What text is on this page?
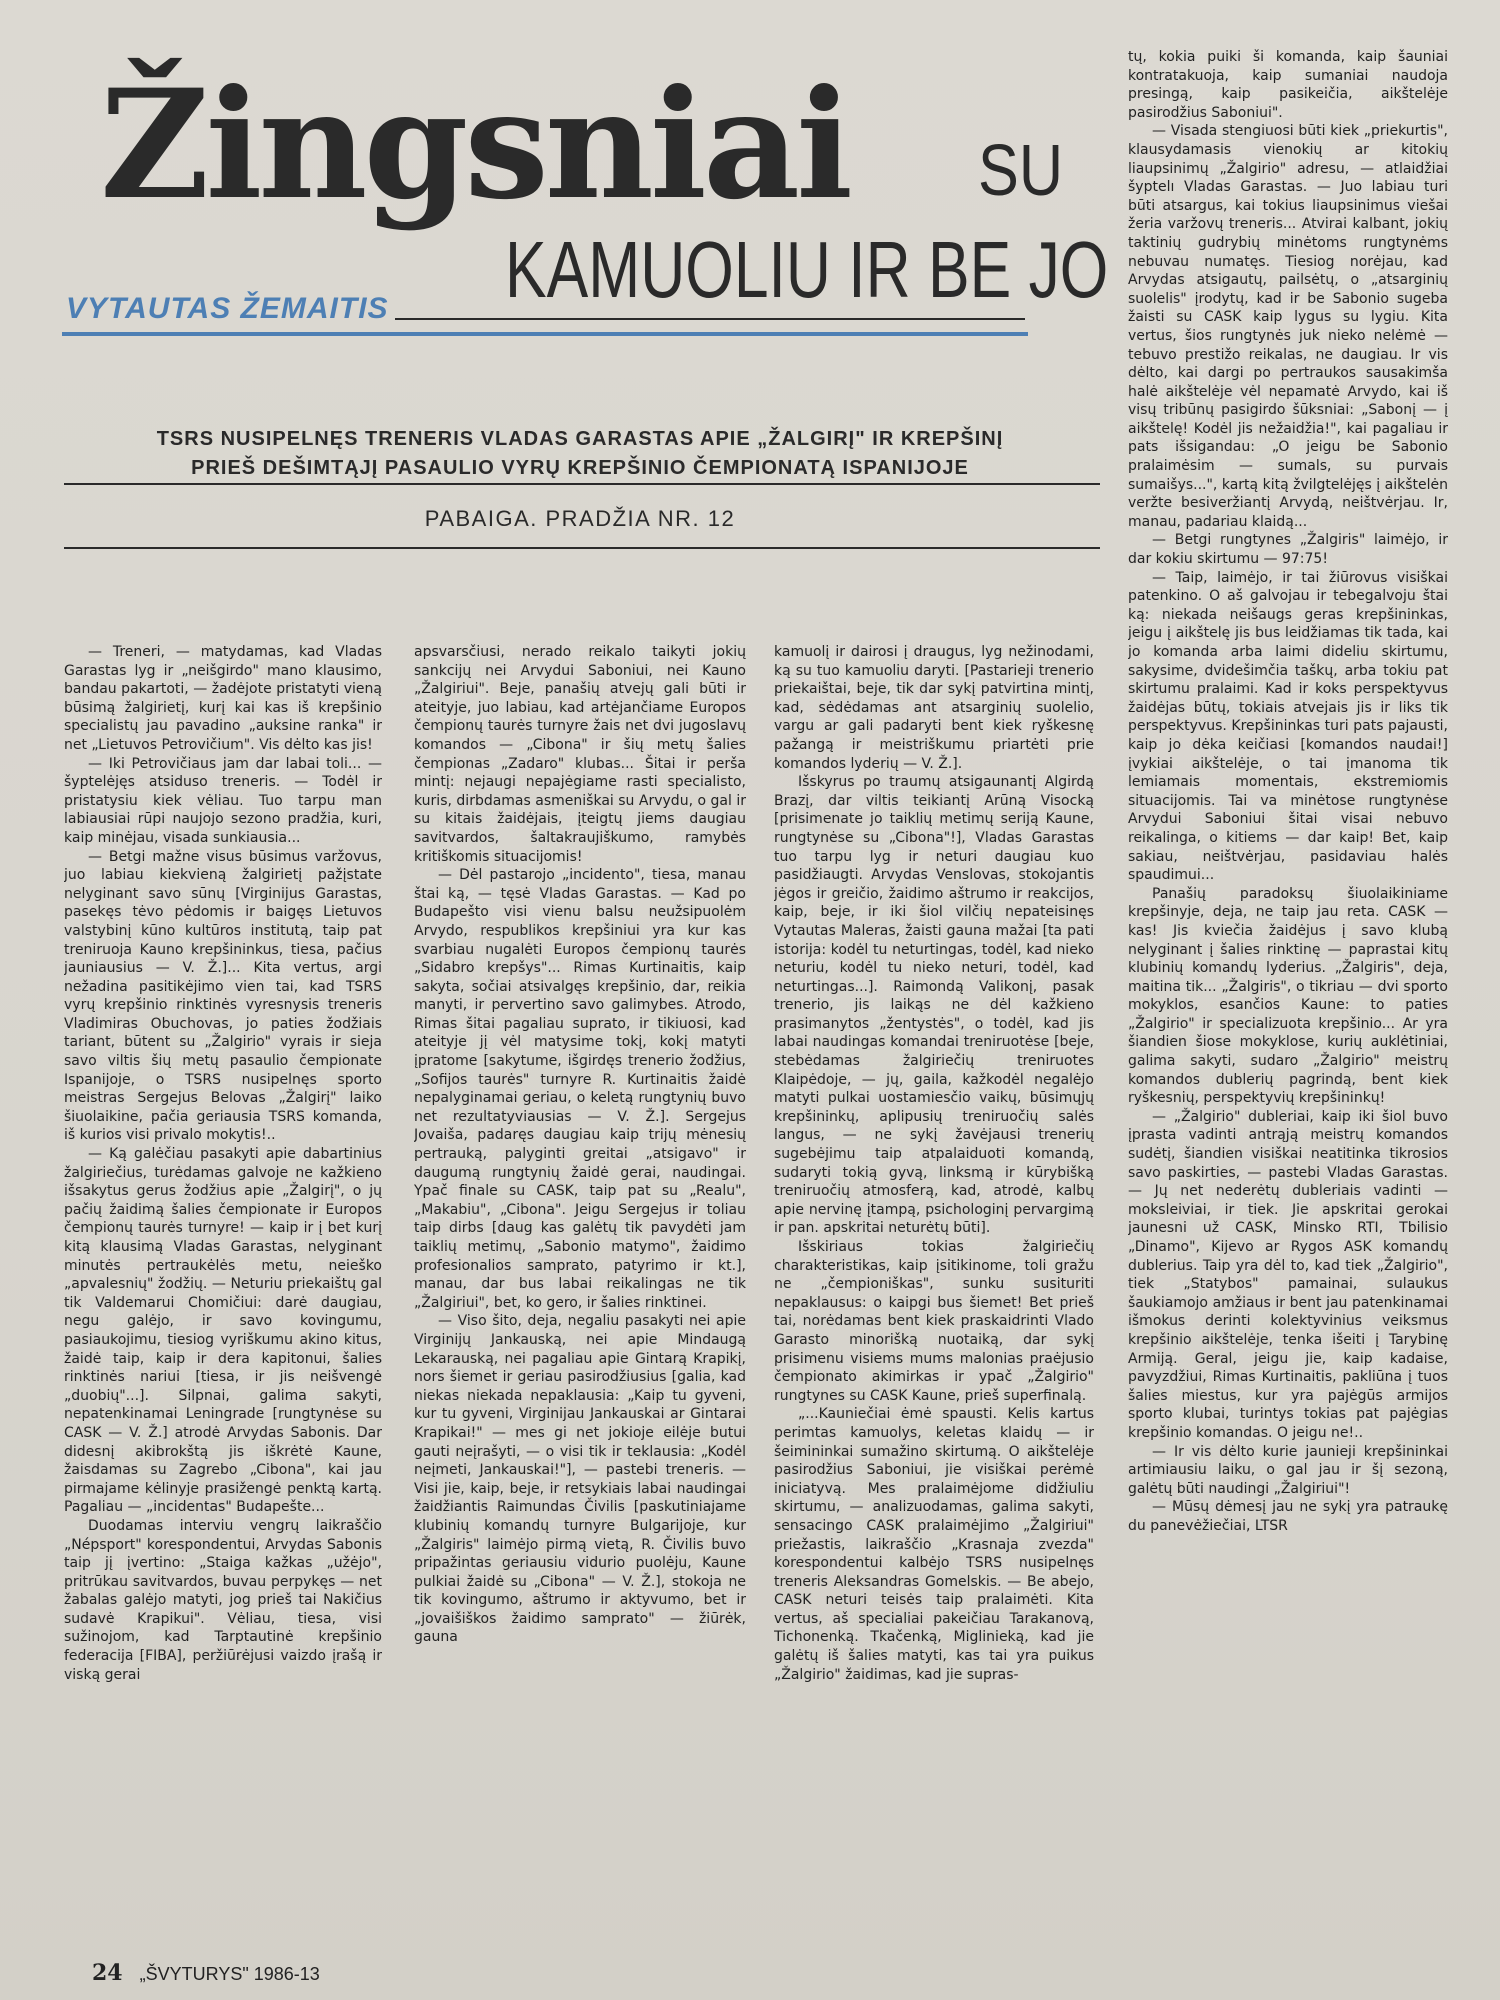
Žingsniai SU
KAMUOLIU IR BE JO
VYTAUTAS ŽEMAITIS
TSRS NUSIPELNĘS TRENERIS VLADAS GARASTAS APIE „ŽALGIRĮ" IR KREPŠINĮ
PRIEŠ DEŠIMTĄJĮ PASAULIO VYRŲ KREPŠINIO ČEMPIONATĄ ISPANIJOJE
PABAIGA. PRADŽIA NR. 12

— Treneri, — matydamas, kad Vladas Garastas lyg ir „neišgirdo" mano klausimo, bandau pakartoti, — žadėjote pristatyti vieną būsimą žalgirietį, kurį kai kas iš krepšinio specialistų jau pavadino „auksine ranka" ir net „Lietuvos Petrovičium". Vis dėlto kas jis!

— Iki Petrovičiaus jam dar labai toli... — šyptelėjęs atsiduso treneris. — Todėl ir pristatysiu kiek vėliau. Tuo tarpu man labiausiai rūpi naujojo sezono pradžia, kuri, kaip minėjau, visada sunkiausia...

— Betgi mažne visus būsimus varžovus, juo labiau kiekvieną žalgirietį pažįstate nelyginant savo sūnų [Virginijus Garastas, pasekęs tėvo pėdomis ir baigęs Lietuvos valstybinį kūno kultūros institutą, taip pat treniruoja Kauno krepšininkus, tiesa, pačius jauniausius — V. Ž.]... Kita vertus, argi nežadina pasitikėjimo vien tai, kad TSRS vyrų krepšinio rinktinės vyresnysis treneris Vladimiras Obuchovas, jo paties žodžiais tariant, būtent su „Žalgirio" vyrais ir sieja savo viltis šių metų pasaulio čempionate Ispanijoje, o TSRS nusipelnęs sporto meistras Sergejus Belovas „Žalgirį" laiko šiuolaikine, pačia geriausia TSRS komanda, iš kurios visi privalo mokytis!..

— Ką galėčiau pasakyti apie dabartinius žalgiriečius, turėdamas galvoje ne kažkieno išsakytus gerus žodžius apie „Žalgirį", o jų pačių žaidimą šalies čempionate ir Europos čempionų taurės turnyre! — kaip ir į bet kurį kitą klausimą Vladas Garastas, nelyginant minutės pertraukėlės metu, neieško „apvalesnių" žodžių. — Neturiu priekaištų gal tik Valdemarui Chomičiui: darė daugiau, negu galėjo, ir savo kovingumu, pasiaukojimu, tiesiog vyriškumu akino kitus, žaidė taip, kaip ir dera kapitonui, šalies rinktinės nariui [tiesa, ir jis neišvengė „duobių"...]. Silpnai, galima sakyti, nepatenkinamai Leningrade [rungtynėse su CASK — V. Ž.] atrodė Arvydas Sabonis. Dar didesnį akibrokštą jis iškrėtė Kaune, žaisdamas su Zagrebo „Cibona", kai jau pirmajame kėlinyje prasižengė penktą kartą. Pagaliau — „incidentas" Budapešte...

Duodamas interviu vengrų laikraščio „Népsport" korespondentui, Arvydas Sabonis taip jį įvertino: „Staiga kažkas „užėjo", pritrūkau savitvardos, buvau perpykęs — net žabalas galėjo matyti, jog prieš tai Nakičius sudavė Krapikui". Vėliau, tiesa, visi sužinojom, kad Tarptautinė krepšinio federacija [FIBA], peržiūrėjusi vaizdo įrašą ir viską gerai

apsvarsčiusi, nerado reikalo taikyti jokių sankcijų nei Arvydui Saboniui, nei Kauno „Žalgiriui". Beje, panašių atvejų gali būti ir ateityje, juo labiau, kad artėjančiame Europos čempionų taurės turnyre žais net dvi jugoslavų komandos — „Cibona" ir šių metų šalies čempionas „Zadaro" klubas... Šitai ir peršа mintį: nejaugi nepajėgiame rasti specialisto, kuris, dirbdamas asmeniškai su Arvydu, o gal ir su kitais žaidėjais, įteigtų jiems daugiau savitvardos, šaltakraujiškumo, ramybės kritiškomis situacijomis!

— Dėl pastarojo „incidento", tiesa, manau štai ką, — tęsė Vladas Garastas. — Kad po Budapešto visi vienu balsu neužsipuolėm Arvydo, respublikos krepšiniui yra kur kas svarbiau nugalėti Europos čempionų taurės „Sidabro krepšys"... Rimas Kurtinaitis, kaip sakyta, sočiai atsivalgęs krepšinio, dar, reikia manyti, ir pervertino savo galimybes. Atrodo, Rimas šitai pagaliau suprato, ir tikiuosi, kad ateityje jį vėl matysime tokį, kokį matyti įpratome [sakytume, išgirdęs trenerio žodžius, „Sofijos taurės" turnyre R. Kurtinaitis žaidė nepalyginamai geriau, o keletą rungtynių buvo net rezultatyviausias — V. Ž.]. Sergejus Jovaiša, padaręs daugiau kaip trijų mėnesių pertrauką, palyginti greitai „atsigavo" ir daugumą rungtynių žaidė gerai, naudingai. Ypač finale su CASK, taip pat su „Realu", „Makabiu", „Cibona". Jeigu Sergejus ir toliau taip dirbs [daug kas galėtų tik pavydėti jam taiklių metimų, „Sabonio matymo", žaidimo profesionalios samprato, patyrimo ir kt.], manau, dar bus labai reikalingas ne tik „Žalgiriui", bet, ko gero, ir šalies rinktinei.

— Viso šito, deja, negaliu pasakyti nei apie Virginijų Jankauską, nei apie Mindaugą Lekarauską, nei pagaliau apie Gintarą Krapikį, nors šiemet ir geriau pasirodžiusius [galia, kad niekas niekada nepaklausia: „Kaip tu gyveni, kur tu gyveni, Virginijau Jankauskai ar Gintarai Krapikai!" — mes gi net jokioje eilėje butui gauti neįrašyti, — o visi tik ir teklausia: „Kodėl neįmeti, Jankauskai!"], — pastebi treneris. — Visi jie, kaip, beje, ir retsykiais labai naudingai žaidžiantis Raimundas Čivilis [paskutiniajame klubinių komandų turnyre Bulgarijoje, kur „Žalgiris" laimėjo pirmą vietą, R. Čivilis buvo pripažintas geriausiu vidurio puolėju, Kaune pulkiai žaidė su „Cibona" — V. Ž.], stokoja ne tik kovingumo, aštrumo ir aktyvumo, bet ir „jovaišiškos žaidimo samprato" — žiūrėk, gauna

kamuolį ir dairosi į draugus, lyg nežinodami, ką su tuo kamuoliu daryti. [Pastarieji trenerio priekaištai, beje, tik dar sykį patvirtina mintį, kad, sėdėdamas ant atsarginių suolelio, vargu ar gali padaryti bent kiek ryškesnę pažangą ir meistriškumu priartėti prie komandos lyderių — V. Ž.].

Išskyrus po traumų atsigaunantį Algirdą Brazį, dar viltis teikiantį Arūną Visocką [prisimenate jo taiklių metimų seriją Kaune, rungtynėse su „Cibona"!], Vladas Garastas tuo tarpu lyg ir neturi daugiau kuo pasidžiaugti. Arvydas Venslovas, stokojantis jėgos ir greičio, žaidimo aštrumo ir reakcijos, kaip, beje, ir iki šiol vilčių nepateisinęs Vytautas Maleras, žaisti gauna mažai [ta pati istorija: kodėl tu neturtingas, todėl, kad nieko neturiu, kodėl tu nieko neturi, todėl, kad neturtingas...]. Raimondą Valikonį, pasak trenerio, jis laikąs ne dėl kažkieno prasimanytos „žentystės", o todėl, kad jis labai naudingas komandai treniruotėse [beje, stebėdamas žalgiriečių treniruotes Klaipėdoje, — jų, gaila, kažkodėl negalėjo matyti pulkai uostamiesčio vaikų, būsimųjų krepšininkų, aplipusių treniruočių salės langus, — ne sykį žavėjausi trenerių sugebėjimu taip atpalaiduoti komandą, sudaryti tokią gyvą, linksmą ir kūrybišką treniruočių atmosferą, kad, atrodė, kalbų apie nervinę įtampą, psichologinį pervargimą ir pan. apskritai neturėtų būti].

Išskiriaus tokias žalgiriečių charakteristikas, kaip įsitikinome, toli gražu ne „čempioniškas", sunku susituriti nepaklausus: o kaipgi bus šiemet! Bet prieš tai, norėdamas bent kiek praskaidrinti Vlado Garasto minorišką nuotaiką, dar sykį prisimenu visiems mums malonias praėjusio čempionato akimirkas ir ypač „Žalgirio" rungtynes su CASK Kaune, prieš superfinalą.

„...Kauniečiai ėmė spausti. Kelis kartus perimtas kamuolys, keletas klaidų — ir šeimininkai sumažino skirtumą. O aikštelėje pasirodžius Saboniui, jie visiškai perėmė iniciatyvą. Mes pralaimėjome didžiuliu skirtumu, — analizuodamas, galima sakyti, sensacingo CASK pralaimėjimo „Žalgiriui" priežastis, laikraščio „Krasnaja zvezda" korespondentui kalbėjo TSRS nusipelnęs treneris Aleksandras Gomelskis. — Be abejo, CASK neturi teisės taip pralaimėti. Kita vertus, aš specialiai pakeičiau Tarakanovą, Tichonenką. Tkačenką, Miglinieką, kad jie galėtų iš šalies matyti, kas tai yra puikus „Žalgirio" žaidimas, kad jie supras-

tų, kokia puiki ši komanda, kaip šauniai kontratakuoja, kaip sumaniai naudoja presingą, kaip pasikeičia, aikštelėje pasirodžius Saboniui".

— Visada stengiuosi būti kiek „priekurtis", klausydamasis vienokių ar kitokių liaupsinimų „Žalgirio" adresu, — atlaidžiai šyptelı Vladas Garastas. — Juo labiau turi būti atsargus, kai tokius liaupsinimus viešai žeria varžovų treneris... Atvirai kalbant, jokių taktinių gudrybių minėtoms rungtynėms nebuvau numatęs. Tiesiog norėjau, kad Arvydas atsigautų, pailsėtų, o „atsarginių suolelis" įrodytų, kad ir be Sabonio sugeba žaisti su CASK kaip lygus su lygiu. Kita vertus, šios rungtynės juk nieko nelėmė — tebuvo prestižo reikalas, ne daugiau. Ir vis dėlto, kai dargi po pertraukos sausakimša halė aikštelėje vėl nepamatė Arvydo, kai iš visų tribūnų pasigirdo šūksniai: „Sabonį — į aikštelę! Kodėl jis nežaidžia!", kai pagaliau ir pats išsigandau: „O jeigu be Sabonio pralaimėsim — sumals, su purvais sumaišys...", kartą kitą žvilgtelėjęs į aikštelėn veržte besiveržiantį Arvydą, neištvėrjau. Ir, manau, padariau klaidą...

— Betgi rungtynes „Žalgiris" laimėjo, ir dar kokiu skirtumu — 97:75!

— Taip, laimėjo, ir tai žiūrovus visiškai patenkino. O aš galvojau ir tebegalvoju štai ką: niekada neišaugs geras krepšininkas, jeigu į aikštelę jis bus leidžiamas tik tada, kai jo komanda arba laimi dideliu skirtumu, sakysime, dvidešimčia taškų, arba tokiu pat skirtumu pralaimi. Kad ir koks perspektyvus žaidėjas būtų, tokiais atvejais jis ir liks tik perspektyvus. Krepšininkas turi pats pajausti, kaip jo dėka keičiasi [komandos naudai!] įvykiai aikštelėje, o tai įmanoma tik lemiamais momentais, ekstremiomis situacijomis. Tai va minėtose rungtynėse Arvydui Saboniui šitai visai nebuvo reikalinga, o kitiems — dar kaip! Bet, kaip sakiau, neištvėrjau, pasidaviau halės spaudimui...

Panašių paradoksų šiuolaikiniame krepšinyje, deja, ne taip jau reta. CASK — kas! Jis kviečia žaidėjus į savo klubą nelyginant į šalies rinktinę — paprastai kitų klubinių komandų lyderius. „Žalgiris", deja, maitina tik... „Žalgiris", o tikriau — dvi sporto mokyklos, esančios Kaune: to paties „Žalgirio" ir specializuota krepšinio... Ar yra šiandien šiose mokyklose, kurių auklėtiniai, galima sakyti, sudaro „Žalgirio" meistrų komandos dublerių pagrindą, bent kiek ryškesnių, perspektyvių krepšininkų!

— „Žalgirio" dubleriai, kaip iki šiol buvo įprasta vadinti antrąją meistrų komandos sudėtį, šiandien visiškai neatitinka tikrosios savo paskirties, — pastebi Vladas Garastas. — Jų net nederėtų dubleriais vadinti — moksleiviai, ir tiek. Jie apskritai gerokai jaunesni už CASK, Minsko RTI, Tbilisio „Dinamo", Kijevo ar Rygos ASK komandų dublerius. Taip yra dėl to, kad tiek „Žalgirio", tiek „Statybos" pamainai, sulaukus šaukiamojo amžiaus ir bent jau patenkinamai išmokus derinti kolektyvinius veiksmus krepšinio aikštelėje, tenka išeiti į Tarybinę Armiją. Geral, jeigu jie, kaip kadaise, pavyzdžiui, Rimas Kurtinaitis, pakliūna į tuos šalies miestus, kur yra pajėgūs armijos sporto klubai, turintys tokias pat pajėgias krepšinio komandas. O jeigu ne!..

— Ir vis dėlto kurie jaunieji krepšininkai artimiausiu laiku, o gal jau ir šį sezoną, galėtų būti naudingi „Žalgiriui"!

— Mūsų dėmesį jau ne sykį yra patraukę du panevėžiečiai, LTSR

24 „ŠVYTURYS" 1986-13
